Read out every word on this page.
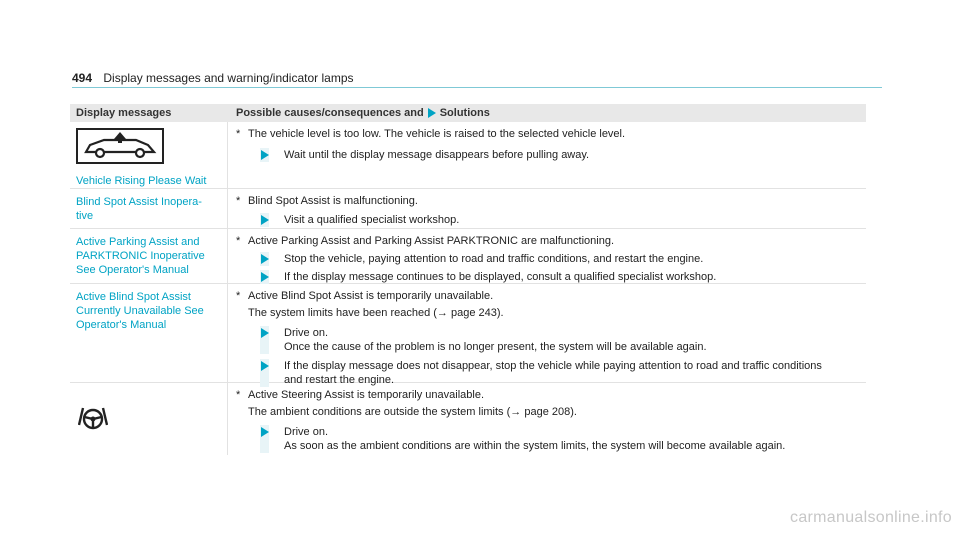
494 Display messages and warning/indicator lamps
Display messages	Possible causes/consequences and Solutions
Vehicle Rising Please Wait
* The vehicle level is too low. The vehicle is raised to the selected vehicle level.
Wait until the display message disappears before pulling away.
Blind Spot Assist Inopera-
tive
* Blind Spot Assist is malfunctioning.
Visit a qualified specialist workshop.
Active Parking Assist and
PARKTRONIC Inoperative
See Operator's Manual
* Active Parking Assist and Parking Assist PARKTRONIC are malfunctioning.
Stop the vehicle, paying attention to road and traffic conditions, and restart the engine.
If the display message continues to be displayed, consult a qualified specialist workshop.
Active Blind Spot Assist
Currently Unavailable See
Operator's Manual
* Active Blind Spot Assist is temporarily unavailable.
The system limits have been reached (→ page 243).
Drive on.
Once the cause of the problem is no longer present, the system will be available again.
If the display message does not disappear, stop the vehicle while paying attention to road and traffic conditions
and restart the engine.
* Active Steering Assist is temporarily unavailable.
The ambient conditions are outside the system limits (→ page 208).
Drive on.
As soon as the ambient conditions are within the system limits, the system will become available again.
carmanualsonline.info
